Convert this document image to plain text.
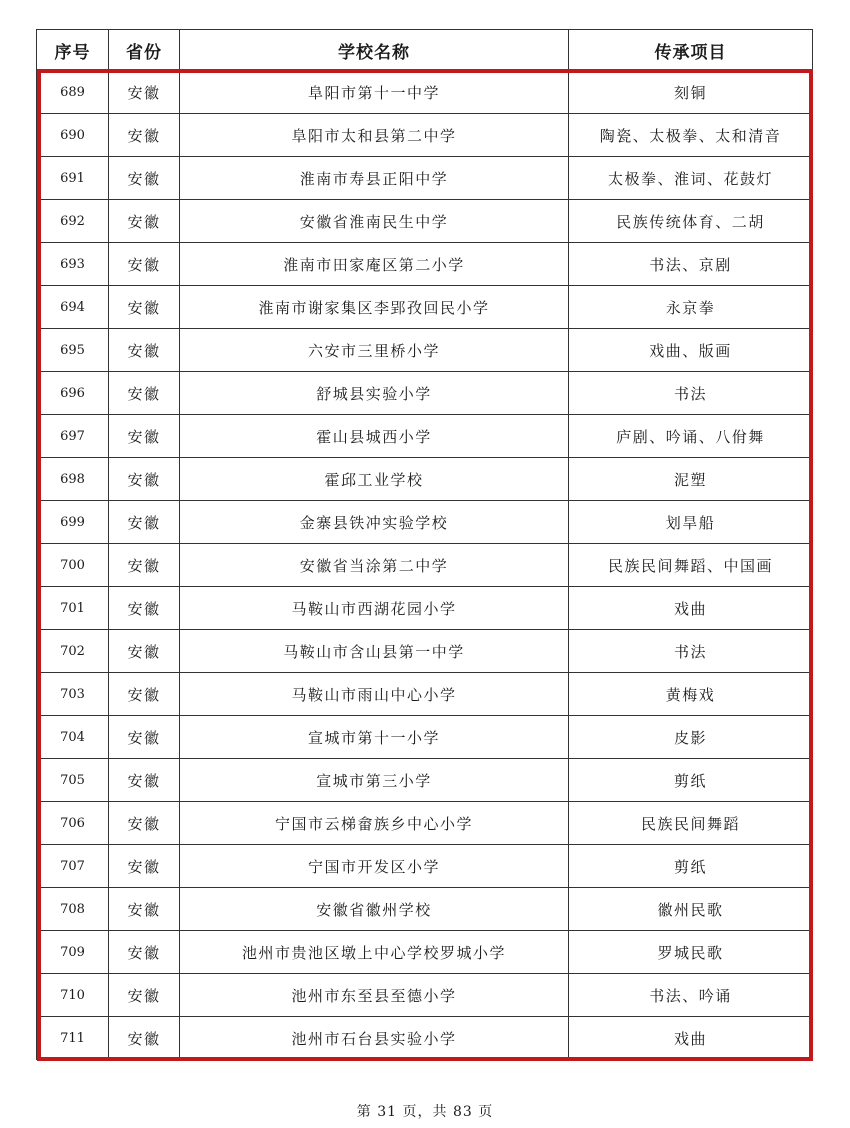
序号	省份	学校名称	传承项目
689	安徽	阜阳市第十一中学	刻铜
690	安徽	阜阳市太和县第二中学	陶瓷、太极拳、太和清音
691	安徽	淮南市寿县正阳中学	太极拳、淮词、花鼓灯
692	安徽	安徽省淮南民生中学	民族传统体育、二胡
693	安徽	淮南市田家庵区第二小学	书法、京剧
694	安徽	淮南市谢家集区李郢孜回民小学	永京拳
695	安徽	六安市三里桥小学	戏曲、版画
696	安徽	舒城县实验小学	书法
697	安徽	霍山县城西小学	庐剧、吟诵、八佾舞
698	安徽	霍邱工业学校	泥塑
699	安徽	金寨县铁冲实验学校	划旱船
700	安徽	安徽省当涂第二中学	民族民间舞蹈、中国画
701	安徽	马鞍山市西湖花园小学	戏曲
702	安徽	马鞍山市含山县第一中学	书法
703	安徽	马鞍山市雨山中心小学	黄梅戏
704	安徽	宣城市第十一小学	皮影
705	安徽	宣城市第三小学	剪纸
706	安徽	宁国市云梯畲族乡中心小学	民族民间舞蹈
707	安徽	宁国市开发区小学	剪纸
708	安徽	安徽省徽州学校	徽州民歌
709	安徽	池州市贵池区墩上中心学校罗城小学	罗城民歌
710	安徽	池州市东至县至德小学	书法、吟诵
711	安徽	池州市石台县实验小学	戏曲
第 31 页，共 83 页
